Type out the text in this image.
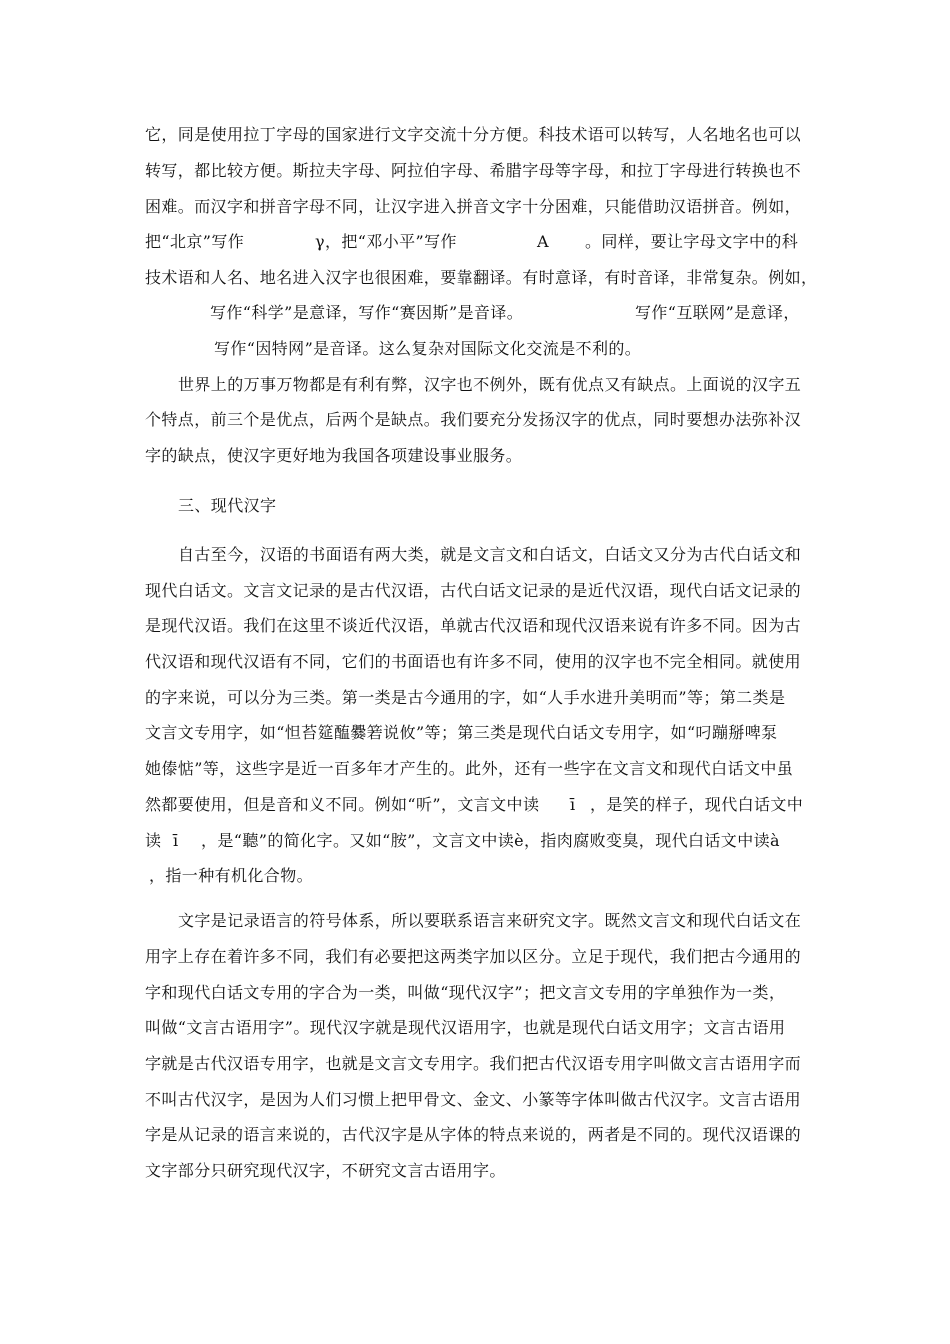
它，同是使用拉丁字母的国家进行文字交流十分方便。科技术语可以转写，人名地名也可以
转写，都比较方便。斯拉夫字母、阿拉伯字母、希腊字母等字母，和拉丁字母进行转换也不
困难。而汉字和拼音字母不同，让汉字进入拼音文字十分困难，只能借助汉语拼音。例如，
把“北京”写作	γ，把“邓小平”写作	A 。同样，要让字母文字中的科
技术语和人名、地名进入汉字也很困难，要靠翻译。有时意译，有时音译，非常复杂。例如，
写作“科学”是意译，写作“赛因斯”是音译。	写作“互联网”是意译，
写作“因特网”是音译。这么复杂对国际文化交流是不利的。
世界上的万事万物都是有利有弊，汉字也不例外，既有优点又有缺点。上面说的汉字五
个特点，前三个是优点，后两个是缺点。我们要充分发扬汉字的优点，同时要想办法弥补汉
字的缺点，使汉字更好地为我国各项建设事业服务。
三、现代汉字
自古至今，汉语的书面语有两大类，就是文言文和白话文，白话文又分为古代白话文和
现代白话文。文言文记录的是古代汉语，古代白话文记录的是近代汉语，现代白话文记录的
是现代汉语。我们在这里不谈近代汉语，单就古代汉语和现代汉语来说有许多不同。因为古
代汉语和现代汉语有不同，它们的书面语也有许多不同，使用的汉字也不完全相同。就使用
的字来说，可以分为三类。第一类是古今通用的字，如“人手水进升美明而”等；第二类是
文言文专用字，如“怛苔筵醢爨箬说攸”等；第三类是现代白话文专用字，如“叼蹦掰啤泵
她傣惦”等，这些字是近一百多年才产生的。此外，还有一些字在文言文和现代白话文中虽
然都要使用，但是音和义不同。例如“听”，文言文中读 ī ，是笑的样子，现代白话文中
读 ī ，是“聽”的简化字。又如“胺”，文言文中读è，指肉腐败变臭，现代白话文中读à
，指一种有机化合物。
文字是记录语言的符号体系，所以要联系语言来研究文字。既然文言文和现代白话文在
用字上存在着许多不同，我们有必要把这两类字加以区分。立足于现代，我们把古今通用的
字和现代白话文专用的字合为一类，叫做“现代汉字”；把文言文专用的字单独作为一类，
叫做“文言古语用字”。现代汉字就是现代汉语用字，也就是现代白话文用字；文言古语用
字就是古代汉语专用字，也就是文言文专用字。我们把古代汉语专用字叫做文言古语用字而
不叫古代汉字，是因为人们习惯上把甲骨文、金文、小篆等字体叫做古代汉字。文言古语用
字是从记录的语言来说的，古代汉字是从字体的特点来说的，两者是不同的。现代汉语课的
文字部分只研究现代汉字，不研究文言古语用字。
